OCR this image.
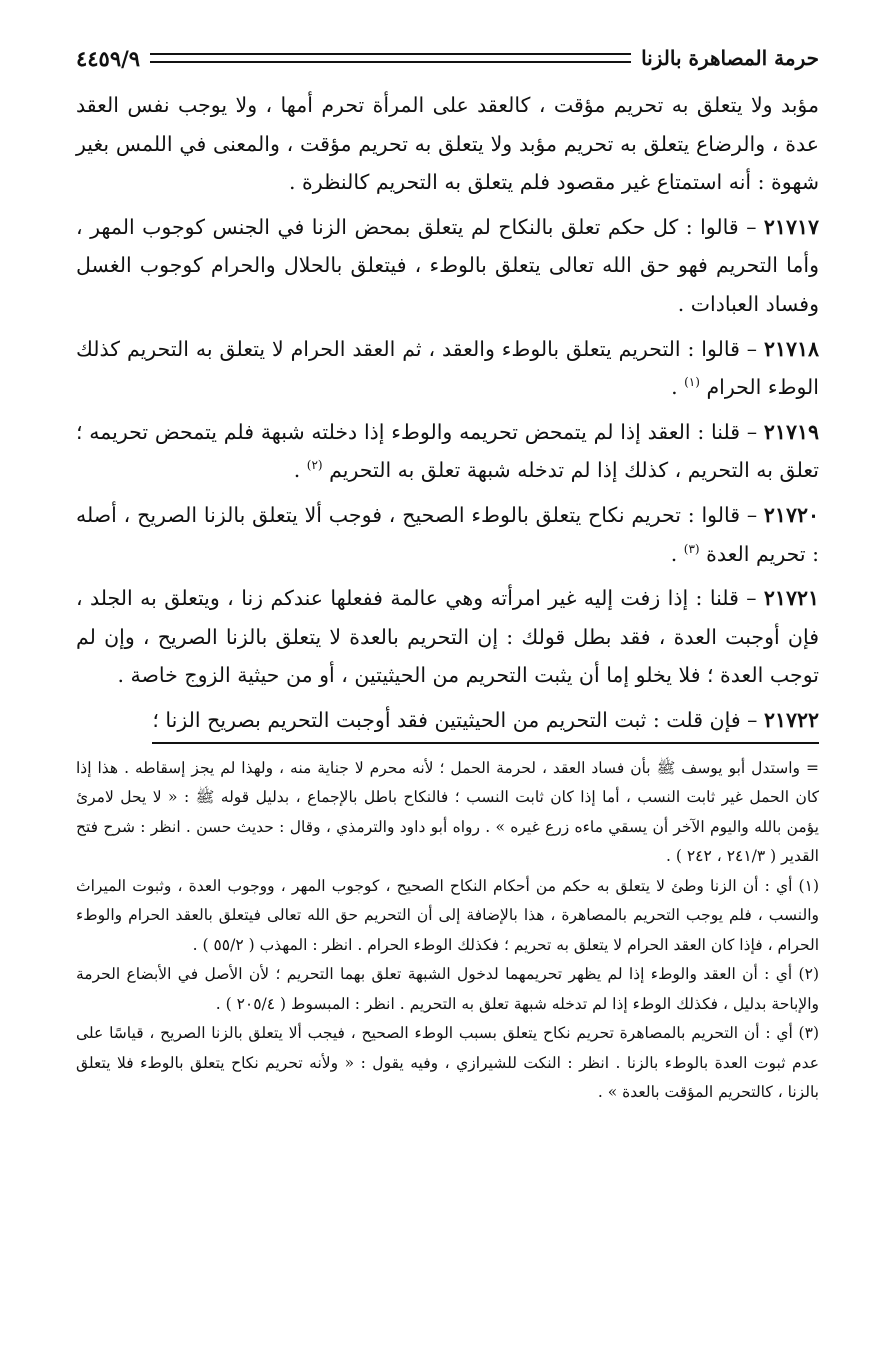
حرمة المصاهرة بالزنا
٤٤٥٩/٩

مؤبد ولا يتعلق به تحريم مؤقت ، كالعقد على المرأة تحرم أمها ، ولا يوجب نفس العقد عدة ، والرضاع يتعلق به تحريم مؤبد ولا يتعلق به تحريم مؤقت ، والمعنى في اللمس بغير شهوة : أنه استمتاع غير مقصود فلم يتعلق به التحريم كالنظرة .

٢١٧١٧ – قالوا : كل حكم تعلق بالنكاح لم يتعلق بمحض الزنا في الجنس كوجوب المهر ، وأما التحريم فهو حق الله تعالى يتعلق بالوطء ، فيتعلق بالحلال والحرام كوجوب الغسل وفساد العبادات .

٢١٧١٨ – قالوا : التحريم يتعلق بالوطء والعقد ، ثم العقد الحرام لا يتعلق به التحريم كذلك الوطء الحرام $^{(١)}$ .

٢١٧١٩ – قلنا : العقد إذا لم يتمحض تحريمه والوطء إذا دخلته شبهة فلم يتمحض تحريمه ؛ تعلق به التحريم ، كذلك إذا لم تدخله شبهة تعلق به التحريم $^{(٢)}$ .

٢١٧٢٠ – قالوا : تحريم نكاح يتعلق بالوطء الصحيح ، فوجب ألا يتعلق بالزنا الصريح ، أصله : تحريم العدة $^{(٣)}$ .

٢١٧٢١ – قلنا : إذا زفت إليه غير امرأته وهي عالمة ففعلها عندكم زنا ، ويتعلق به الجلد ، فإن أوجبت العدة ، فقد بطل قولك : إن التحريم بالعدة لا يتعلق بالزنا الصريح ، وإن لم توجب العدة ؛ فلا يخلو إما أن يثبت التحريم من الحيثيتين ، أو من حيثية الزوج خاصة .

٢١٧٢٢ – فإن قلت : ثبت التحريم من الحيثيتين فقد أوجبت التحريم بصريح الزنا ؛

= واستدل أبو يوسف ﷺ بأن فساد العقد ، لحرمة الحمل ؛ لأنه محرم لا جناية منه ، ولهذا لم يجز إسقاطه . هذا إذا كان الحمل غير ثابت النسب ، أما إذا كان ثابت النسب ؛ فالنكاح باطل بالإجماع ، بدليل قوله ﷺ : « لا يحل لامرئ يؤمن بالله واليوم الآخر أن يسقي ماءه زرع غيره » . رواه أبو داود والترمذي ، وقال : حديث حسن . انظر : شرح فتح القدير ( ٢٤١/٣ ، ٢٤٢ ) .

(١) أي : أن الزنا وطئ لا يتعلق به حكم من أحكام النكاح الصحيح ، كوجوب المهر ، ووجوب العدة ، وثبوت الميراث والنسب ، فلم يوجب التحريم بالمصاهرة ، هذا بالإضافة إلى أن التحريم حق الله تعالى فيتعلق بالعقد الحرام والوطء الحرام ، فإذا كان العقد الحرام لا يتعلق به تحريم ؛ فكذلك الوطء الحرام . انظر : المهذب ( ٥٥/٢ ) .

(٢) أي : أن العقد والوطء إذا لم يظهر تحريمهما لدخول الشبهة تعلق بهما التحريم ؛ لأن الأصل في الأبضاع الحرمة والإباحة بدليل ، فكذلك الوطء إذا لم تدخله شبهة تعلق به التحريم . انظر : المبسوط ( ٢٠٥/٤ ) .

(٣) أي : أن التحريم بالمصاهرة تحريم نكاح يتعلق بسبب الوطء الصحيح ، فيجب ألا يتعلق بالزنا الصريح ، قياسًا على عدم ثبوت العدة بالوطء بالزنا . انظر : النكت للشيرازي ، وفيه يقول : « ولأنه تحريم نكاح يتعلق بالوطء فلا يتعلق بالزنا ، كالتحريم المؤقت بالعدة » .
